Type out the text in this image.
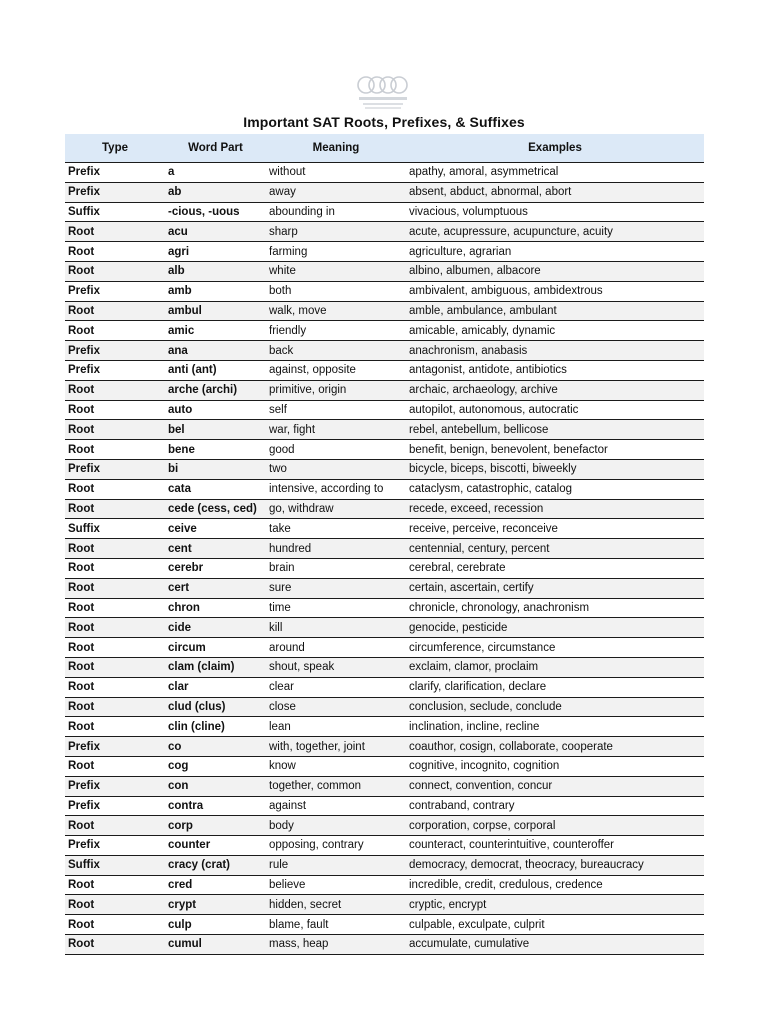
Important SAT Roots, Prefixes, & Suffixes
Type	Word Part	Meaning	Examples
Prefix	a	without	apathy, amoral, asymmetrical
Prefix	ab	away	absent, abduct, abnormal, abort
Suffix	-cious, -uous	abounding in	vivacious, volumptuous
Root	acu	sharp	acute, acupressure, acupuncture, acuity
Root	agri	farming	agriculture, agrarian
Root	alb	white	albino, albumen, albacore
Prefix	amb	both	ambivalent, ambiguous, ambidextrous
Root	ambul	walk, move	amble, ambulance, ambulant
Root	amic	friendly	amicable, amicably, dynamic
Prefix	ana	back	anachronism, anabasis
Prefix	anti (ant)	against, opposite	antagonist, antidote, antibiotics
Root	arche (archi)	primitive, origin	archaic, archaeology, archive
Root	auto	self	autopilot, autonomous, autocratic
Root	bel	war, fight	rebel, antebellum, bellicose
Root	bene	good	benefit, benign, benevolent, benefactor
Prefix	bi	two	bicycle, biceps, biscotti, biweekly
Root	cata	intensive, according to	cataclysm, catastrophic, catalog
Root	cede (cess, ced)	go, withdraw	recede, exceed, recession
Suffix	ceive	take	receive, perceive, reconceive
Root	cent	hundred	centennial, century, percent
Root	cerebr	brain	cerebral, cerebrate
Root	cert	sure	certain, ascertain, certify
Root	chron	time	chronicle, chronology, anachronism
Root	cide	kill	genocide, pesticide
Root	circum	around	circumference, circumstance
Root	clam (claim)	shout, speak	exclaim, clamor, proclaim
Root	clar	clear	clarify, clarification, declare
Root	clud (clus)	close	conclusion, seclude, conclude
Root	clin (cline)	lean	inclination, incline, recline
Prefix	co	with, together, joint	coauthor, cosign, collaborate, cooperate
Root	cog	know	cognitive, incognito, cognition
Prefix	con	together, common	connect, convention, concur
Prefix	contra	against	contraband, contrary
Root	corp	body	corporation, corpse, corporal
Prefix	counter	opposing, contrary	counteract, counterintuitive, counteroffer
Suffix	cracy (crat)	rule	democracy, democrat, theocracy, bureaucracy
Root	cred	believe	incredible, credit, credulous, credence
Root	crypt	hidden, secret	cryptic, encrypt
Root	culp	blame, fault	culpable, exculpate, culprit
Root	cumul	mass, heap	accumulate, cumulative
